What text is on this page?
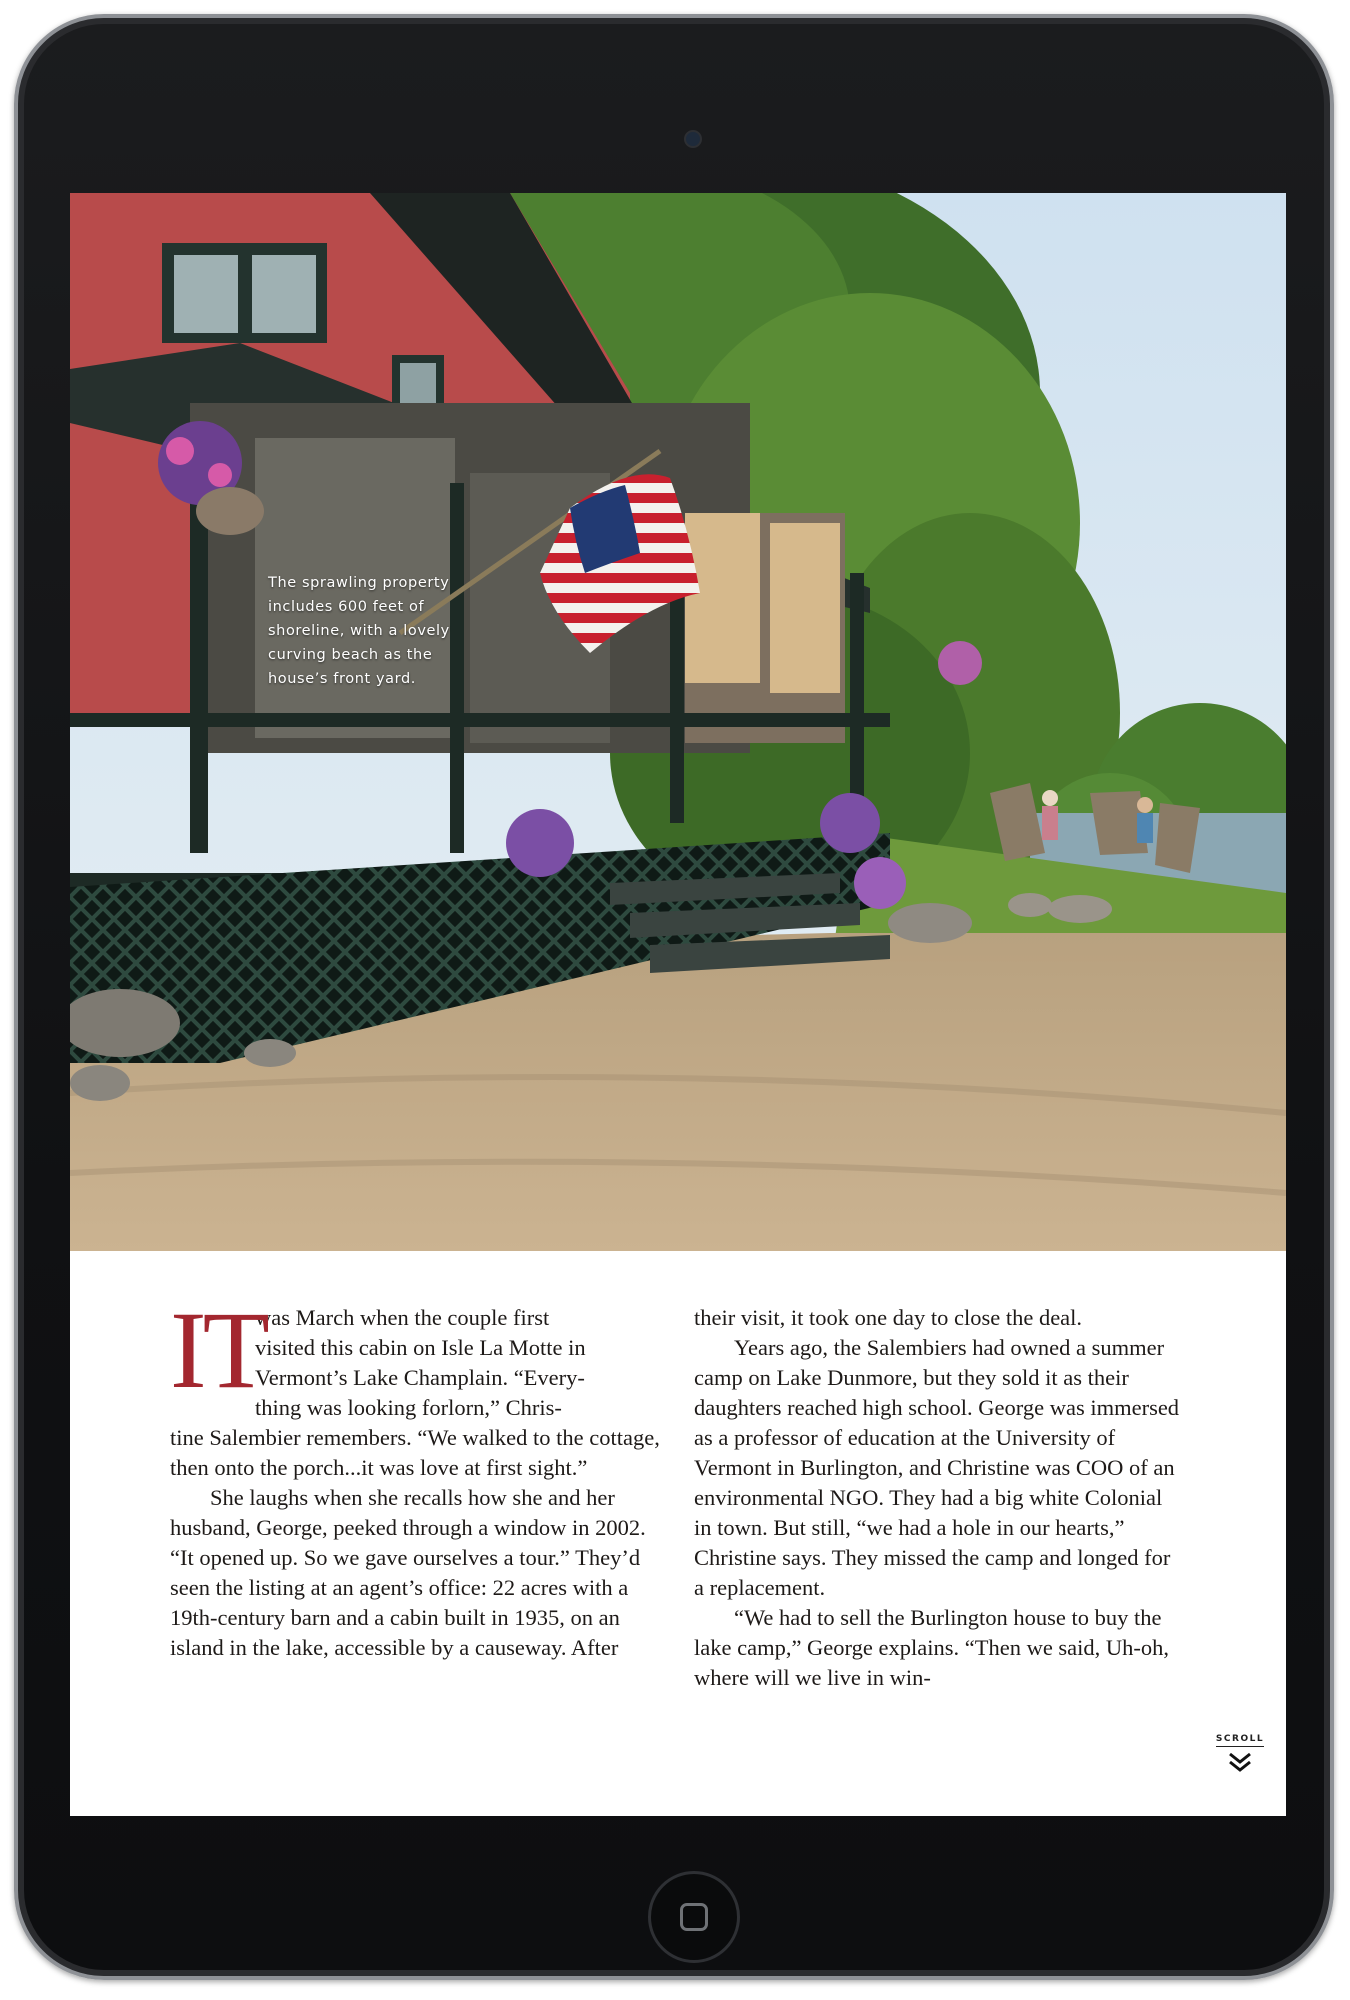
The sprawling property includes 600 feet of shoreline, with a lovely curving beach as the house’s front yard.
IT
was March when the couple first
visited this cabin on Isle La Motte in
Vermont’s Lake Champlain. “Every-
thing was looking forlorn,” Chris-
tine Salembier remembers. “We walked to the cottage, then onto the porch...it was love at first sight.”

She laughs when she recalls how she and her husband, George, peeked through a window in 2002. “It opened up. So we gave ourselves a tour.” They’d seen the listing at an agent’s office: 22 acres with a 19th-century barn and a cabin built in 1935, on an island in the lake, accessible by a causeway. After

their visit, it took one day to close the deal.

Years ago, the Salembiers had owned a summer camp on Lake Dunmore, but they sold it as their daughters reached high school. George was immersed as a professor of education at the University of Vermont in Burlington, and Christine was COO of an environmental NGO. They had a big white Colonial in town. But still, “we had a hole in our hearts,” Christine says. They missed the camp and longed for a replacement.

“We had to sell the Burlington house to buy the lake camp,” George explains. “Then we said, Uh-oh, where will we live in win-

SCROLL
